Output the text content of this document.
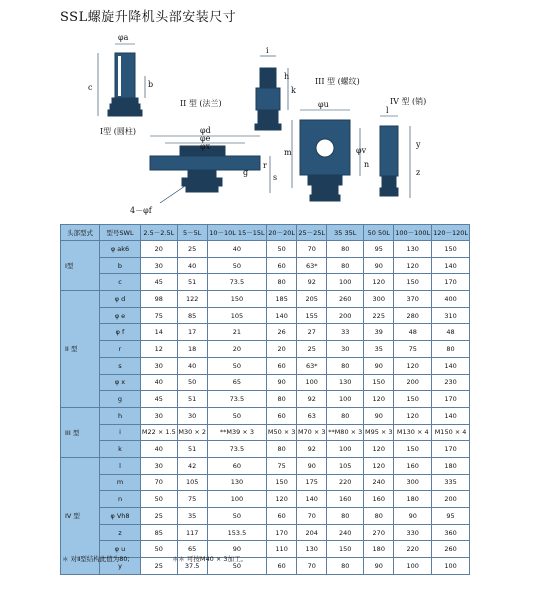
SSL螺旋升降机头部安装尺寸
I型 (圆柱)
II 型 (法兰)
III 型 (螺纹)
IV 型 (销)
φa
b
c
i
h
k
φd
φe
φx
g
r
s
4－φf
φu
l
m	φv
n
y
z
头部型式	型号SWL	2.5－2.5L	5－5L	10－10L 15－15L	20－20L	25－25L	35 35L	50 50L	100－100L	120－120L
I型	φ ak6	20	25	40	50	70	80	95	130	150
	b	30	40	50	60	63*	80	90	120	140
	c	45	51	73.5	80	92	100	120	150	170
II 型	φ d	98	122	150	185	205	260	300	370	400
	φ e	75	85	105	140	155	200	225	280	310
	φ f	14	17	21	26	27	33	39	48	48
	r	12	18	20	20	25	30	35	75	80
	s	30	40	50	60	63*	80	90	120	140
	φ x	40	50	65	90	100	130	150	200	230
	g	45	51	73.5	80	92	100	120	150	170
III 型	h	30	30	50	60	63	80	90	120	140
	i	M22 × 1.5	M30 × 2	**M39 × 3	M50 × 3	M70 × 3	**M80 × 3	M95 × 3	M130 × 4	M150 × 4
	k	40	51	73.5	80	92	100	120	150	170
IV 型	l	30	42	60	75	90	105	120	160	180
	m	70	105	130	150	175	220	240	300	335
	n	50	75	100	120	140	160	160	180	200
	φ Vh8	25	35	50	60	70	80	80	90	95
	z	85	117	153.5	170	204	240	270	330	360
	φ u	50	65	90	110	130	150	180	220	260
	y	25	37.5	50	60	70	80	90	100	100
＊ 对Ⅱ型结构此值为80;	＊＊ 可按M40 × 3加工。
